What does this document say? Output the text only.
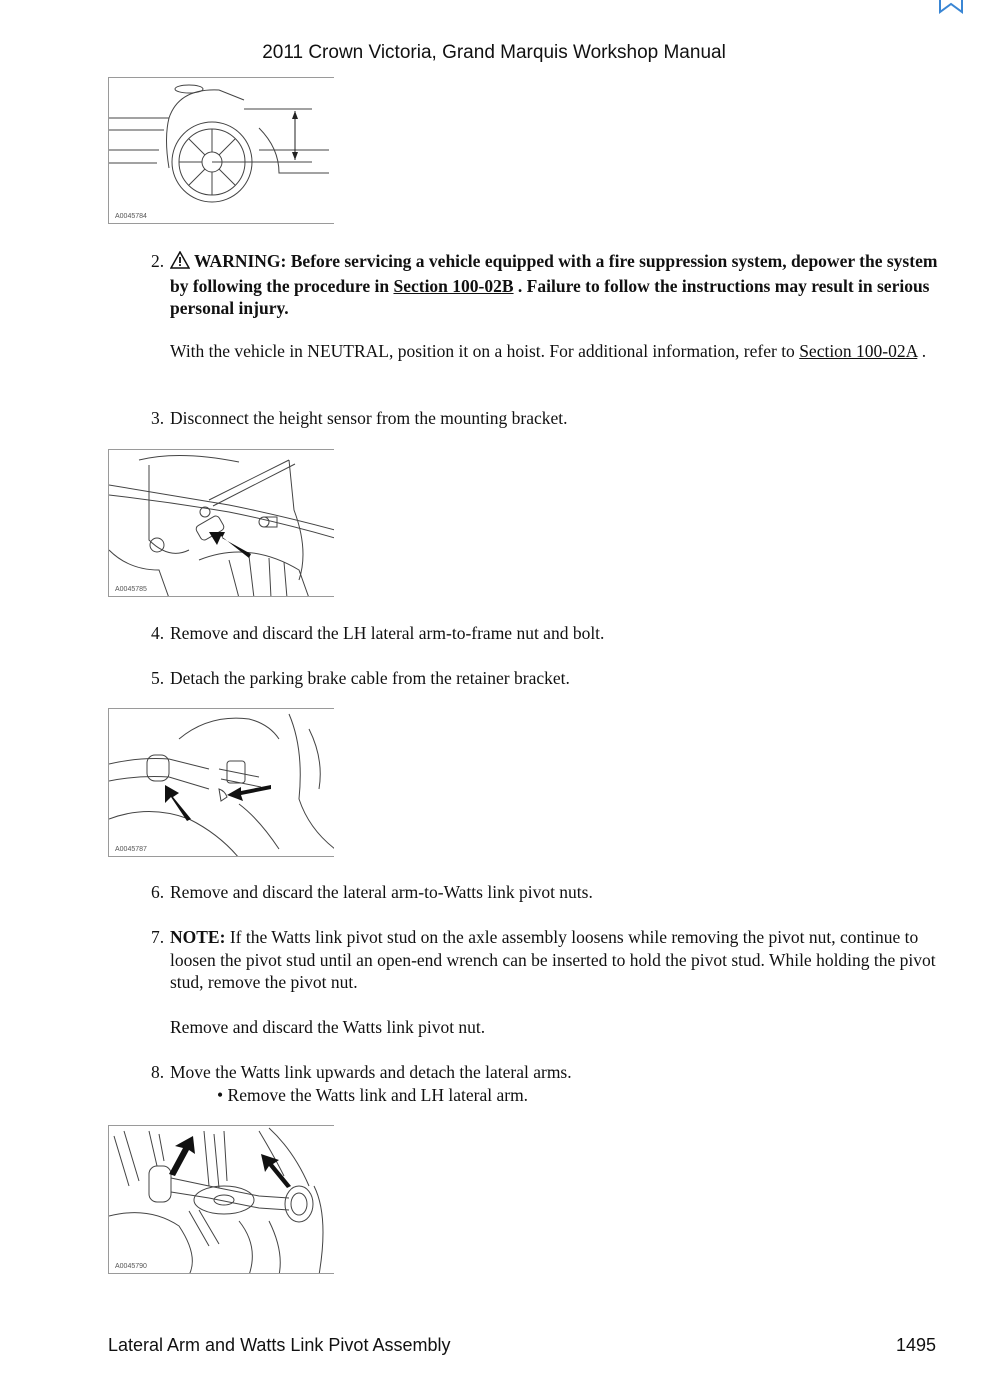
2011 Crown Victoria, Grand Marquis Workshop Manual
A0045784
2.	WARNING: Before servicing a vehicle equipped with a fire suppression system, depower the system by following the procedure in Section 100-02B . Failure to follow the instructions may result in serious personal injury.
With the vehicle in NEUTRAL, position it on a hoist. For additional information, refer to Section 100-02A .
3. Disconnect the height sensor from the mounting bracket.
A0045785
4. Remove and discard the LH lateral arm-to-frame nut and bolt.
5. Detach the parking brake cable from the retainer bracket.
A0045787
6. Remove and discard the lateral arm-to-Watts link pivot nuts.
7. NOTE: If the Watts link pivot stud on the axle assembly loosens while removing the pivot nut, continue to loosen the pivot stud until an open-end wrench can be inserted to hold the pivot stud. While holding the pivot stud, remove the pivot nut.
Remove and discard the Watts link pivot nut.
8. Move the Watts link upwards and detach the lateral arms.
• Remove the Watts link and LH lateral arm.
A0045790
Lateral Arm and Watts Link Pivot Assembly	1495
